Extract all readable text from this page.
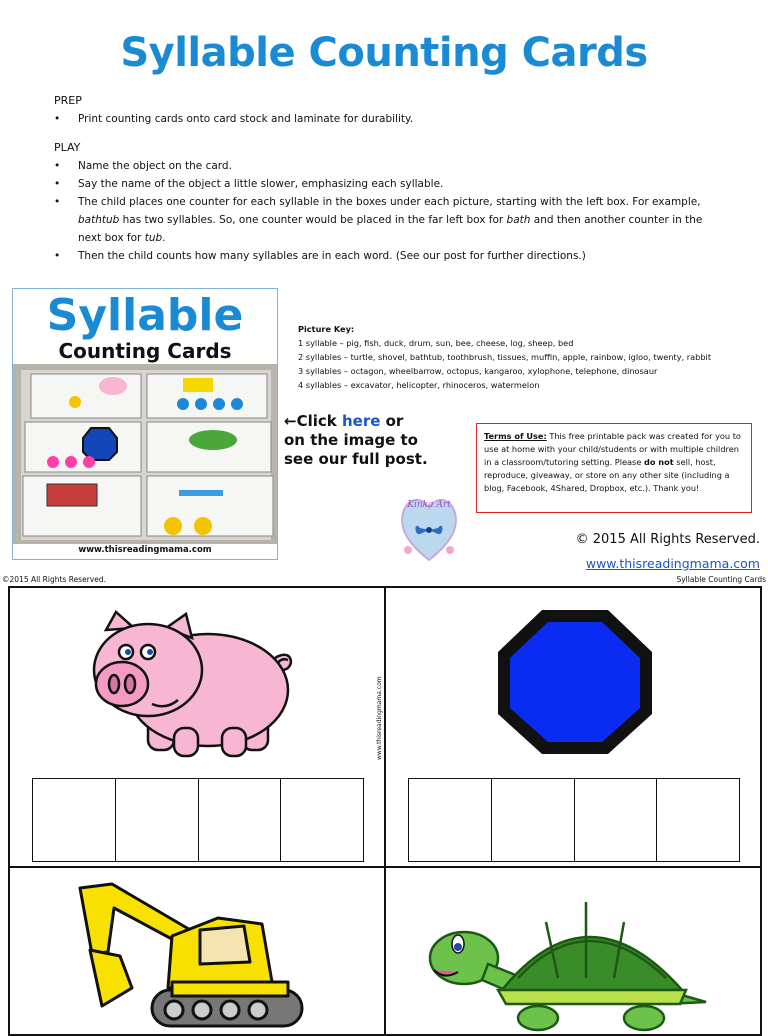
Syllable Counting Cards
PREP
• Print counting cards onto card stock and laminate for durability.
PLAY
• Name the object on the card.
• Say the name of the object a little slower, emphasizing each syllable.
• The child places one counter for each syllable in the boxes under each picture, starting with the left box. For example, bathtub has two syllables. So, one counter would be placed in the far left box for bath and then another counter in the next box for tub.
• Then the child counts how many syllables are in each word. (See our post for further directions.)
Syllable
Counting Cards
www.thisreadingmama.com
Picture Key:
1 syllable – pig, fish, duck, drum, sun, bee, cheese, log, sheep, bed
2 syllables – turtle, shovel, bathtub, toothbrush, tissues, muffin, apple, rainbow, igloo, twenty, rabbit
3 syllables – octagon, wheelbarrow, octopus, kangaroo, xylophone, telephone, dinosaur
4 syllables – excavator, helicopter, rhinoceros, watermelon
←Click here or
on the image to
see our full post.
Terms of Use: This free printable pack was created for you to use at home with your child/students or with multiple children in a classroom/tutoring setting. Please do not sell, host, reproduce, giveaway, or store on any other site (including a blog, Facebook, 4Shared, Dropbox, etc.). Thank you!
Kinka Art
© 2015 All Rights Reserved.
www.thisreadingmama.com
©2015 All Rights Reserved.	Syllable Counting Cards
www.thisreadingmama.com
